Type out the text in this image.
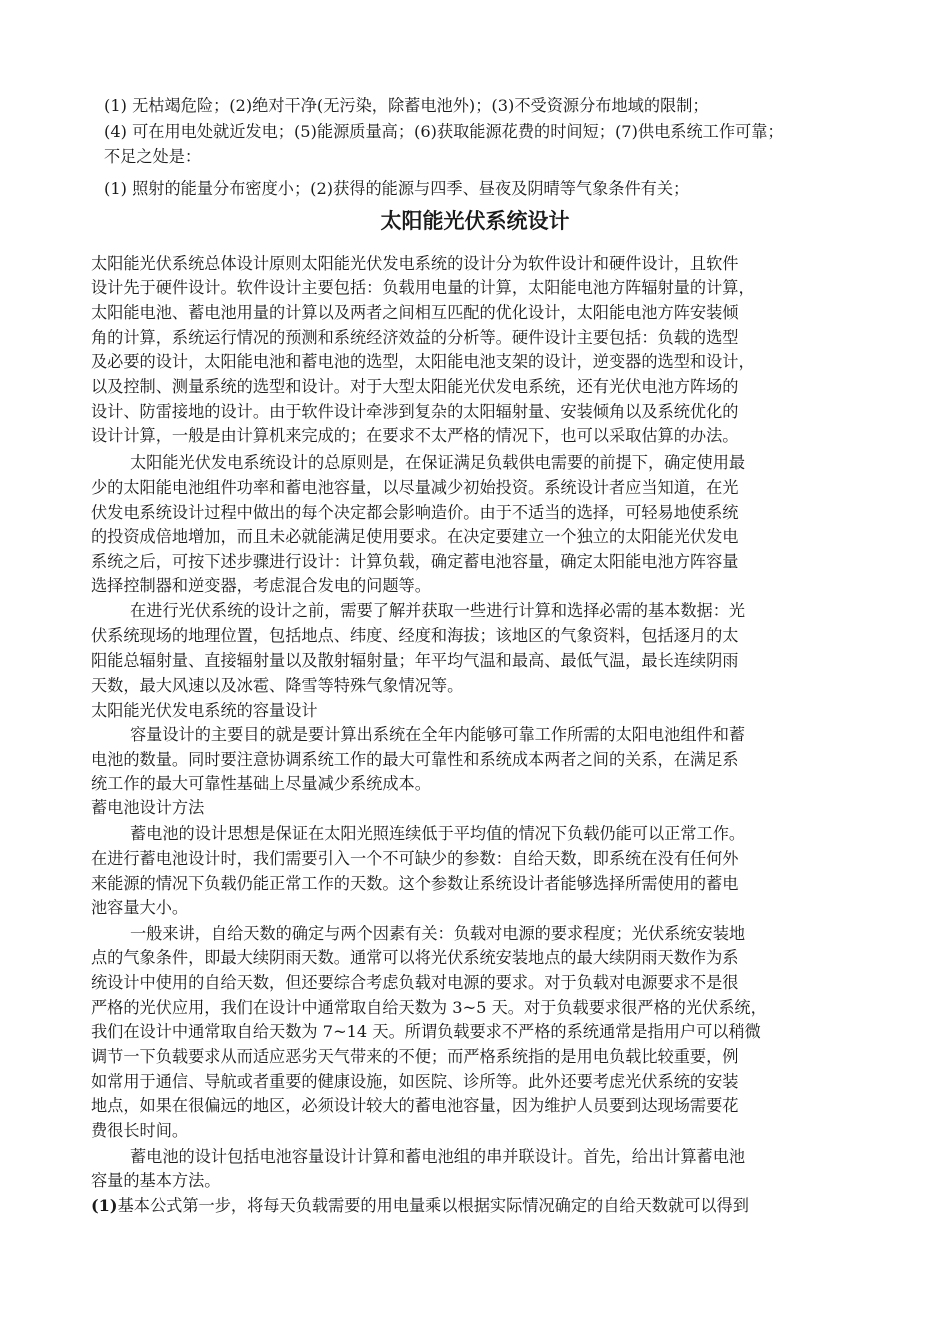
(1) 无枯竭危险；(2)绝对干净(无污染，除蓄电池外)；(3)不受资源分布地域的限制；

(4) 可在用电处就近发电；(5)能源质量高；(6)获取能源花费的时间短；(7)供电系统工作可靠；

不足之处是：

(1) 照射的能量分布密度小；(2)获得的能源与四季、昼夜及阴晴等气象条件有关；

太阳能光伏系统设计

太阳能光伏系统总体设计原则太阳能光伏发电系统的设计分为软件设计和硬件设计，且软件

设计先于硬件设计。软件设计主要包括：负载用电量的计算，太阳能电池方阵辐射量的计算，

太阳能电池、蓄电池用量的计算以及两者之间相互匹配的优化设计，太阳能电池方阵安装倾

角的计算，系统运行情况的预测和系统经济效益的分析等。硬件设计主要包括：负载的选型

及必要的设计，太阳能电池和蓄电池的选型，太阳能电池支架的设计，逆变器的选型和设计，

以及控制、测量系统的选型和设计。对于大型太阳能光伏发电系统，还有光伏电池方阵场的

设计、防雷接地的设计。由于软件设计牵涉到复杂的太阳辐射量、安装倾角以及系统优化的

设计计算，一般是由计算机来完成的；在要求不太严格的情况下，也可以采取估算的办法。

太阳能光伏发电系统设计的总原则是，在保证满足负载供电需要的前提下，确定使用最

少的太阳能电池组件功率和蓄电池容量，以尽量减少初始投资。系统设计者应当知道，在光

伏发电系统设计过程中做出的每个决定都会影响造价。由于不适当的选择，可轻易地使系统

的投资成倍地增加，而且未必就能满足使用要求。在决定要建立一个独立的太阳能光伏发电

系统之后，可按下述步骤进行设计：计算负载，确定蓄电池容量，确定太阳能电池方阵容量

选择控制器和逆变器，考虑混合发电的问题等。

在进行光伏系统的设计之前，需要了解并获取一些进行计算和选择必需的基本数据：光

伏系统现场的地理位置，包括地点、纬度、经度和海拔；该地区的气象资料，包括逐月的太

阳能总辐射量、直接辐射量以及散射辐射量；年平均气温和最高、最低气温，最长连续阴雨

天数，最大风速以及冰雹、降雪等特殊气象情况等。

太阳能光伏发电系统的容量设计

容量设计的主要目的就是要计算出系统在全年内能够可靠工作所需的太阳电池组件和蓄

电池的数量。同时要注意协调系统工作的最大可靠性和系统成本两者之间的关系，在满足系

统工作的最大可靠性基础上尽量减少系统成本。

蓄电池设计方法

蓄电池的设计思想是保证在太阳光照连续低于平均值的情况下负载仍能可以正常工作。

在进行蓄电池设计时，我们需要引入一个不可缺少的参数：自给天数，即系统在没有任何外

来能源的情况下负载仍能正常工作的天数。这个参数让系统设计者能够选择所需使用的蓄电

池容量大小。

一般来讲，自给天数的确定与两个因素有关：负载对电源的要求程度；光伏系统安装地

点的气象条件，即最大续阴雨天数。通常可以将光伏系统安装地点的最大续阴雨天数作为系

统设计中使用的自给天数，但还要综合考虑负载对电源的要求。对于负载对电源要求不是很

严格的光伏应用，我们在设计中通常取自给天数为 3~5 天。对于负载要求很严格的光伏系统，

我们在设计中通常取自给天数为 7~14 天。所谓负载要求不严格的系统通常是指用户可以稍微

调节一下负载要求从而适应恶劣天气带来的不便；而严格系统指的是用电负载比较重要，例

如常用于通信、导航或者重要的健康设施，如医院、诊所等。此外还要考虑光伏系统的安装

地点，如果在很偏远的地区，必须设计较大的蓄电池容量，因为维护人员要到达现场需要花

费很长时间。

蓄电池的设计包括电池容量设计计算和蓄电池组的串并联设计。首先，给出计算蓄电池

容量的基本方法。

(1)基本公式第一步，将每天负载需要的用电量乘以根据实际情况确定的自给天数就可以得到
